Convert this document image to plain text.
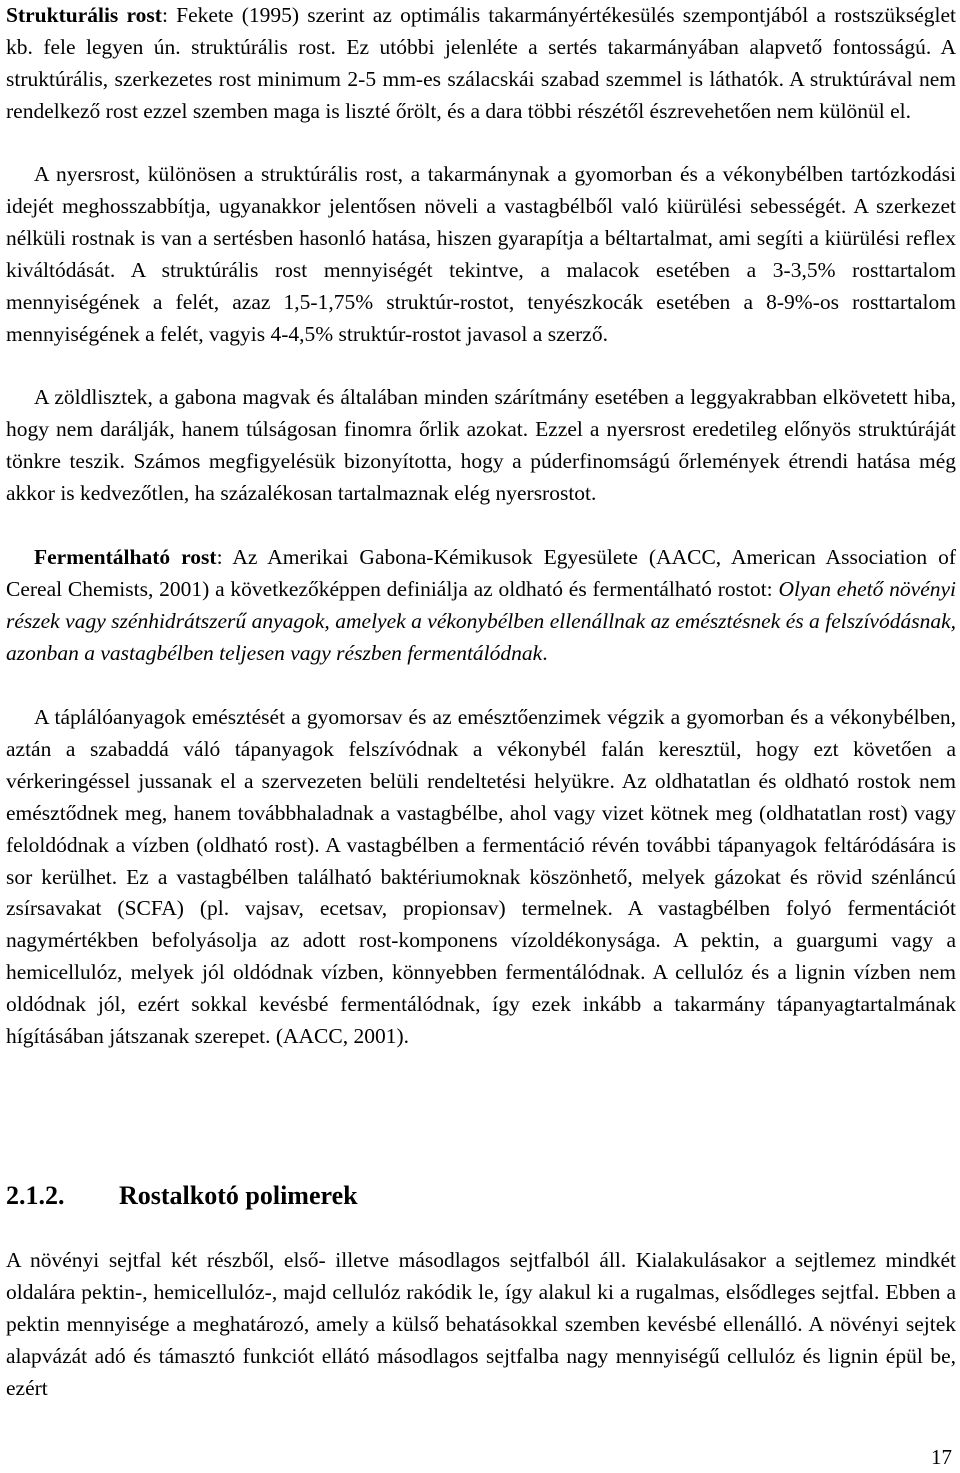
Strukturális rost: Fekete (1995) szerint az optimális takarmányértékesülés szempontjából a rostszükséglet kb. fele legyen ún. struktúrális rost. Ez utóbbi jelenléte a sertés takarmányában alapvető fontosságú. A struktúrális, szerkezetes rost minimum 2-5 mm-es szálacskái szabad szemmel is láthatók. A struktúrával nem rendelkező rost ezzel szemben maga is liszté őrölt, és a dara többi részétől észrevehetően nem különül el.

A nyersrost, különösen a struktúrális rost, a takarmánynak a gyomorban és a vékonybélben tartózkodási idejét meghosszabbítja, ugyanakkor jelentősen növeli a vastagbélből való kiürülési sebességét. A szerkezet nélküli rostnak is van a sertésben hasonló hatása, hiszen gyarapítja a béltartalmat, ami segíti a kiürülési reflex kiváltódását. A struktúrális rost mennyiségét tekintve, a malacok esetében a 3-3,5% rosttartalom mennyiségének a felét, azaz 1,5-1,75% struktúr-rostot, tenyészkocák esetében a 8-9%-os rosttartalom mennyiségének a felét, vagyis 4-4,5% struktúr-rostot javasol a szerző.

A zöldlisztek, a gabona magvak és általában minden szárítmány esetében a leggyakrabban elkövetett hiba, hogy nem darálják, hanem túlságosan finomra őrlik azokat. Ezzel a nyersrost eredetileg előnyös struktúráját tönkre teszik. Számos megfigyelésük bizonyította, hogy a púderfinomságú őrlemények étrendi hatása még akkor is kedvezőtlen, ha százalékosan tartalmaznak elég nyersrostot.

Fermentálható rost: Az Amerikai Gabona-Kémikusok Egyesülete (AACC, American Association of Cereal Chemists, 2001) a következőképpen definiálja az oldható és fermentálható rostot: Olyan ehető növényi részek vagy szénhidrátszerű anyagok, amelyek a vékonybélben ellenállnak az emésztésnek és a felszívódásnak, azonban a vastagbélben teljesen vagy részben fermentálódnak.

A táplálóanyagok emésztését a gyomorsav és az emésztőenzimek végzik a gyomorban és a vékonybélben, aztán a szabaddá váló tápanyagok felszívódnak a vékonybél falán keresztül, hogy ezt követően a vérkeringéssel jussanak el a szervezeten belüli rendeltetési helyükre. Az oldhatatlan és oldható rostok nem emésztődnek meg, hanem továbbhaladnak a vastagbélbe, ahol vagy vizet kötnek meg (oldhatatlan rost) vagy feloldódnak a vízben (oldható rost). A vastagbélben a fermentáció révén további tápanyagok feltáródására is sor kerülhet. Ez a vastagbélben található baktériumoknak köszönhető, melyek gázokat és rövid szénláncú zsírsavakat (SCFA) (pl. vajsav, ecetsav, propionsav) termelnek. A vastagbélben folyó fermentációt nagymértékben befolyásolja az adott rost-komponens vízoldékonysága. A pektin, a guargumi vagy a hemicellulóz, melyek jól oldódnak vízben, könnyebben fermentálódnak. A cellulóz és a lignin vízben nem oldódnak jól, ezért sokkal kevésbé fermentálódnak, így ezek inkább a takarmány tápanyagtartalmának hígításában játszanak szerepet. (AACC, 2001).

2.1.2.	Rostalkotó polimerek

A növényi sejtfal két részből, első- illetve másodlagos sejtfalból áll. Kialakulásakor a sejtlemez mindkét oldalára pektin-, hemicellulóz-, majd cellulóz rakódik le, így alakul ki a rugalmas, elsődleges sejtfal. Ebben a pektin mennyisége a meghatározó, amely a külső behatásokkal szemben kevésbé ellenálló. A növényi sejtek alapvázát adó és támasztó funkciót ellátó másodlagos sejtfalba nagy mennyiségű cellulóz és lignin épül be, ezért

17
